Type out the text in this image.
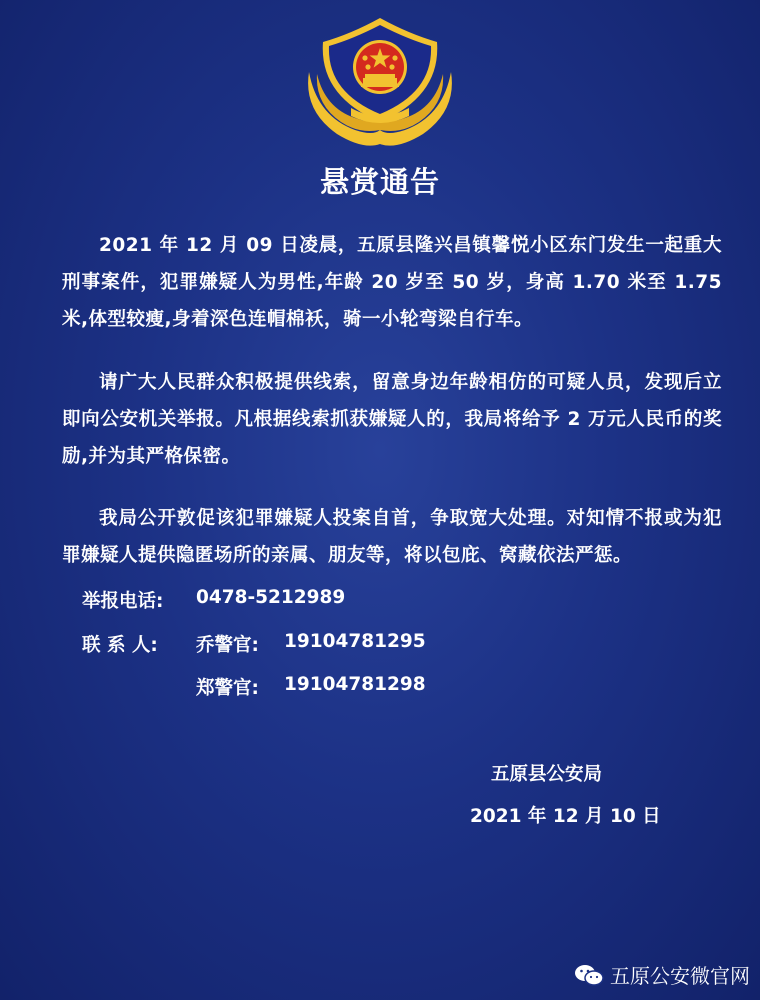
悬赏通告

2021 年 12 月 09 日凌晨，五原县隆兴昌镇馨悦小区东门发生一起重大刑事案件，犯罪嫌疑人为男性,年龄 20 岁至 50 岁，身高 1.70 米至 1.75 米,体型较瘦,身着深色连帽棉袄，骑一小轮弯梁自行车。

请广大人民群众积极提供线索，留意身边年龄相仿的可疑人员，发现后立即向公安机关举报。凡根据线索抓获嫌疑人的，我局将给予 2 万元人民币的奖励,并为其严格保密。

我局公开敦促该犯罪嫌疑人投案自首，争取宽大处理。对知情不报或为犯罪嫌疑人提供隐匿场所的亲属、朋友等，将以包庇、窝藏依法严惩。

举报电话: 0478-5212989
联 系 人: 乔警官: 19104781295
郑警官: 19104781298
五原县公安局
2021 年 12 月 10 日
五原公安微官网
